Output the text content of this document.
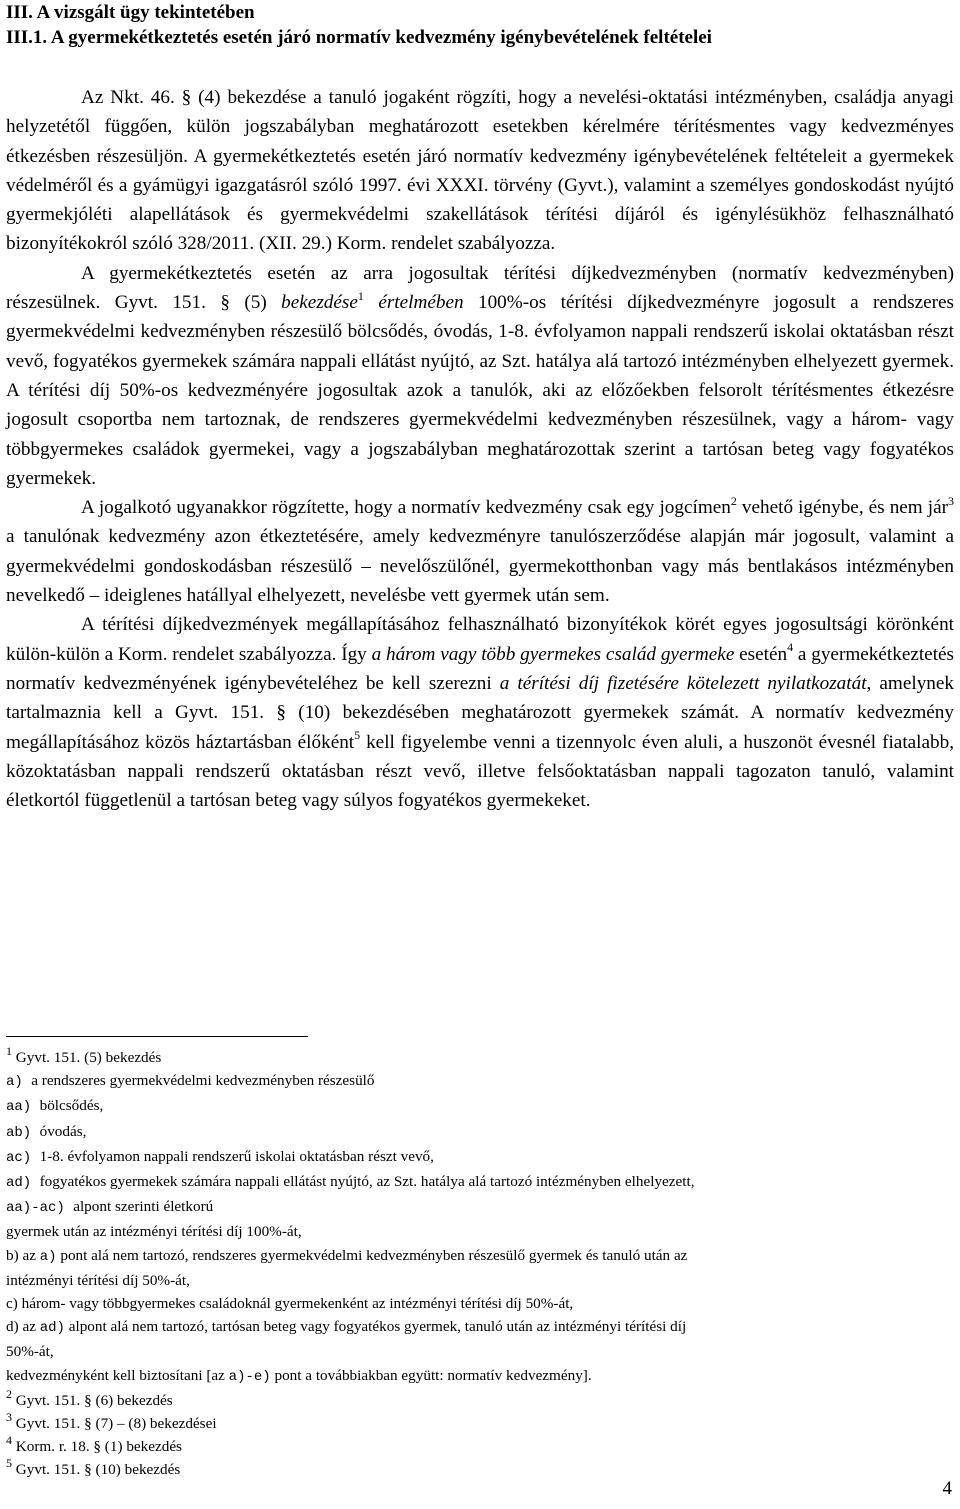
III. A vizsgált ügy tekintetében
III.1. A gyermekétkeztetés esetén járó normatív kedvezmény igénybevételének feltételei

Az Nkt. 46. § (4) bekezdése a tanuló jogaként rögzíti, hogy a nevelési-oktatási intézményben, családja anyagi helyzetétől függően, külön jogszabályban meghatározott esetekben kérelmére térítésmentes vagy kedvezményes étkezésben részesüljön. A gyermekétkeztetés esetén járó normatív kedvezmény igénybevételének feltételeit a gyermekek védelméről és a gyámügyi igazgatásról szóló 1997. évi XXXI. törvény (Gyvt.), valamint a személyes gondoskodást nyújtó gyermekjóléti alapellátások és gyermekvédelmi szakellátások térítési díjáról és igénylésükhöz felhasználható bizonyítékokról szóló 328/2011. (XII. 29.) Korm. rendelet szabályozza.

A gyermekétkeztetés esetén az arra jogosultak térítési díjkedvezményben (normatív kedvezményben) részesülnek. Gyvt. 151. § (5) bekezdése$^1$ értelmében 100%-os térítési díjkedvezményre jogosult a rendszeres gyermekvédelmi kedvezményben részesülő bölcsődés, óvodás, 1-8. évfolyamon nappali rendszerű iskolai oktatásban részt vevő, fogyatékos gyermekek számára nappali ellátást nyújtó, az Szt. hatálya alá tartozó intézményben elhelyezett gyermek. A térítési díj 50%-os kedvezményére jogosultak azok a tanulók, aki az előzőekben felsorolt térítésmentes étkezésre jogosult csoportba nem tartoznak, de rendszeres gyermekvédelmi kedvezményben részesülnek, vagy a három- vagy többgyermekes családok gyermekei, vagy a jogszabályban meghatározottak szerint a tartósan beteg vagy fogyatékos gyermekek.

A jogalkotó ugyanakkor rögzítette, hogy a normatív kedvezmény csak egy jogcímen$^2$ vehető igénybe, és nem jár$^3$ a tanulónak kedvezmény azon étkeztetésére, amely kedvezményre tanulószerződése alapján már jogosult, valamint a gyermekvédelmi gondoskodásban részesülő – nevelőszülőnél, gyermekotthonban vagy más bentlakásos intézményben nevelkedő – ideiglenes hatállyal elhelyezett, nevelésbe vett gyermek után sem.

A térítési díjkedvezmények megállapításához felhasználható bizonyítékok körét egyes jogosultsági körönként külön-külön a Korm. rendelet szabályozza. Így a három vagy több gyermekes család gyermeke esetén$^4$ a gyermekétkeztetés normatív kedvezményének igénybevételéhez be kell szerezni a térítési díj fizetésére kötelezett nyilatkozatát, amelynek tartalmaznia kell a Gyvt. 151. § (10) bekezdésében meghatározott gyermekek számát. A normatív kedvezmény megállapításához közös háztartásban élőként$^5$ kell figyelembe venni a tizennyolc éven aluli, a huszonöt évesnél fiatalabb, közoktatásban nappali rendszerű oktatásban részt vevő, illetve felsőoktatásban nappali tagozaton tanuló, valamint életkortól függetlenül a tartósan beteg vagy súlyos fogyatékos gyermekeket.

$^1$ Gyvt. 151. (5) bekezdés
a) a rendszeres gyermekvédelmi kedvezményben részesülő
aa) bölcsődés,
ab) óvodás,
ac) 1-8. évfolyamon nappali rendszerű iskolai oktatásban részt vevő,
ad) fogyatékos gyermekek számára nappali ellátást nyújtó, az Szt. hatálya alá tartozó intézményben elhelyezett,
aa)-ac) alpont szerinti életkorú
gyermek után az intézményi térítési díj 100%-át,
b) az a) pont alá nem tartozó, rendszeres gyermekvédelmi kedvezményben részesülő gyermek és tanuló után az
intézményi térítési díj 50%-át,
c) három- vagy többgyermekes családoknál gyermekenként az intézményi térítési díj 50%-át,
d) az ad) alpont alá nem tartozó, tartósan beteg vagy fogyatékos gyermek, tanuló után az intézményi térítési díj
50%-át,
kedvezményként kell biztosítani [az a)-e) pont a továbbiakban együtt: normatív kedvezmény].
$^2$ Gyvt. 151. § (6) bekezdés
$^3$ Gyvt. 151. § (7) – (8) bekezdései
$^4$ Korm. r. 18. § (1) bekezdés
$^5$ Gyvt. 151. § (10) bekezdés
4
